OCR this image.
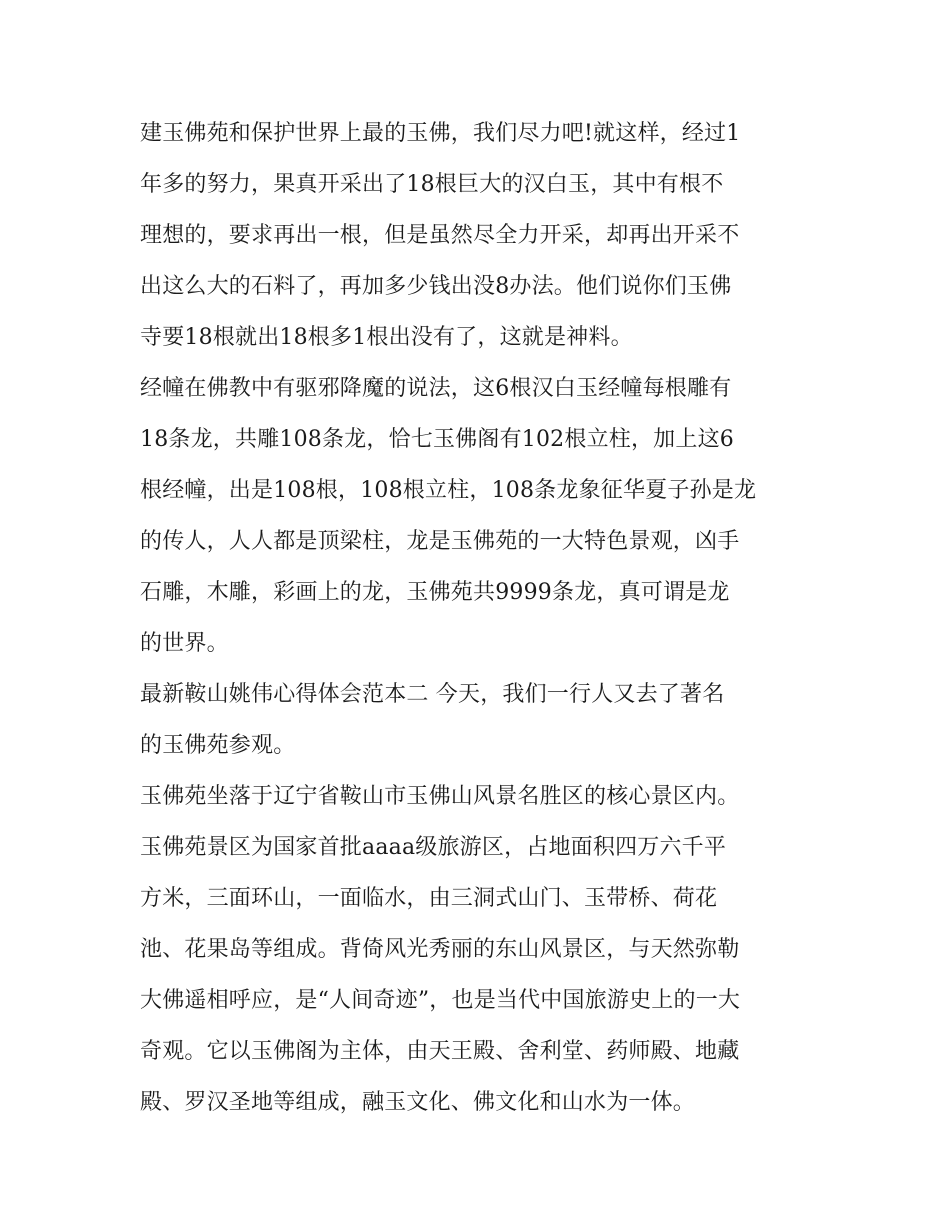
建玉佛苑和保护世界上最的玉佛，我们尽力吧!就这样，经过1
年多的努力，果真开采出了18根巨大的汉白玉，其中有根不
理想的，要求再出一根，但是虽然尽全力开采，却再出开采不
出这么大的石料了，再加多少钱出没8办法。他们说你们玉佛
寺要18根就出18根多1根出没有了，这就是神料。
经幢在佛教中有驱邪降魔的说法，这6根汉白玉经幢每根雕有
18条龙，共雕108条龙，恰七玉佛阁有102根立柱，加上这6
根经幢，出是108根，108根立柱，108条龙象征华夏子孙是龙
的传人，人人都是顶梁柱，龙是玉佛苑的一大特色景观，凶手
石雕，木雕，彩画上的龙，玉佛苑共9999条龙，真可谓是龙
的世界。
最新鞍山姚伟心得体会范本二 今天，我们一行人又去了著名
的玉佛苑参观。
玉佛苑坐落于辽宁省鞍山市玉佛山风景名胜区的核心景区内。
玉佛苑景区为国家首批aaaa级旅游区，占地面积四万六千平
方米，三面环山，一面临水，由三洞式山门、玉带桥、荷花
池、花果岛等组成。背倚风光秀丽的东山风景区，与天然弥勒
大佛遥相呼应，是“人间奇迹”，也是当代中国旅游史上的一大
奇观。它以玉佛阁为主体，由天王殿、舍利堂、药师殿、地藏
殿、罗汉圣地等组成，融玉文化、佛文化和山水为一体。
